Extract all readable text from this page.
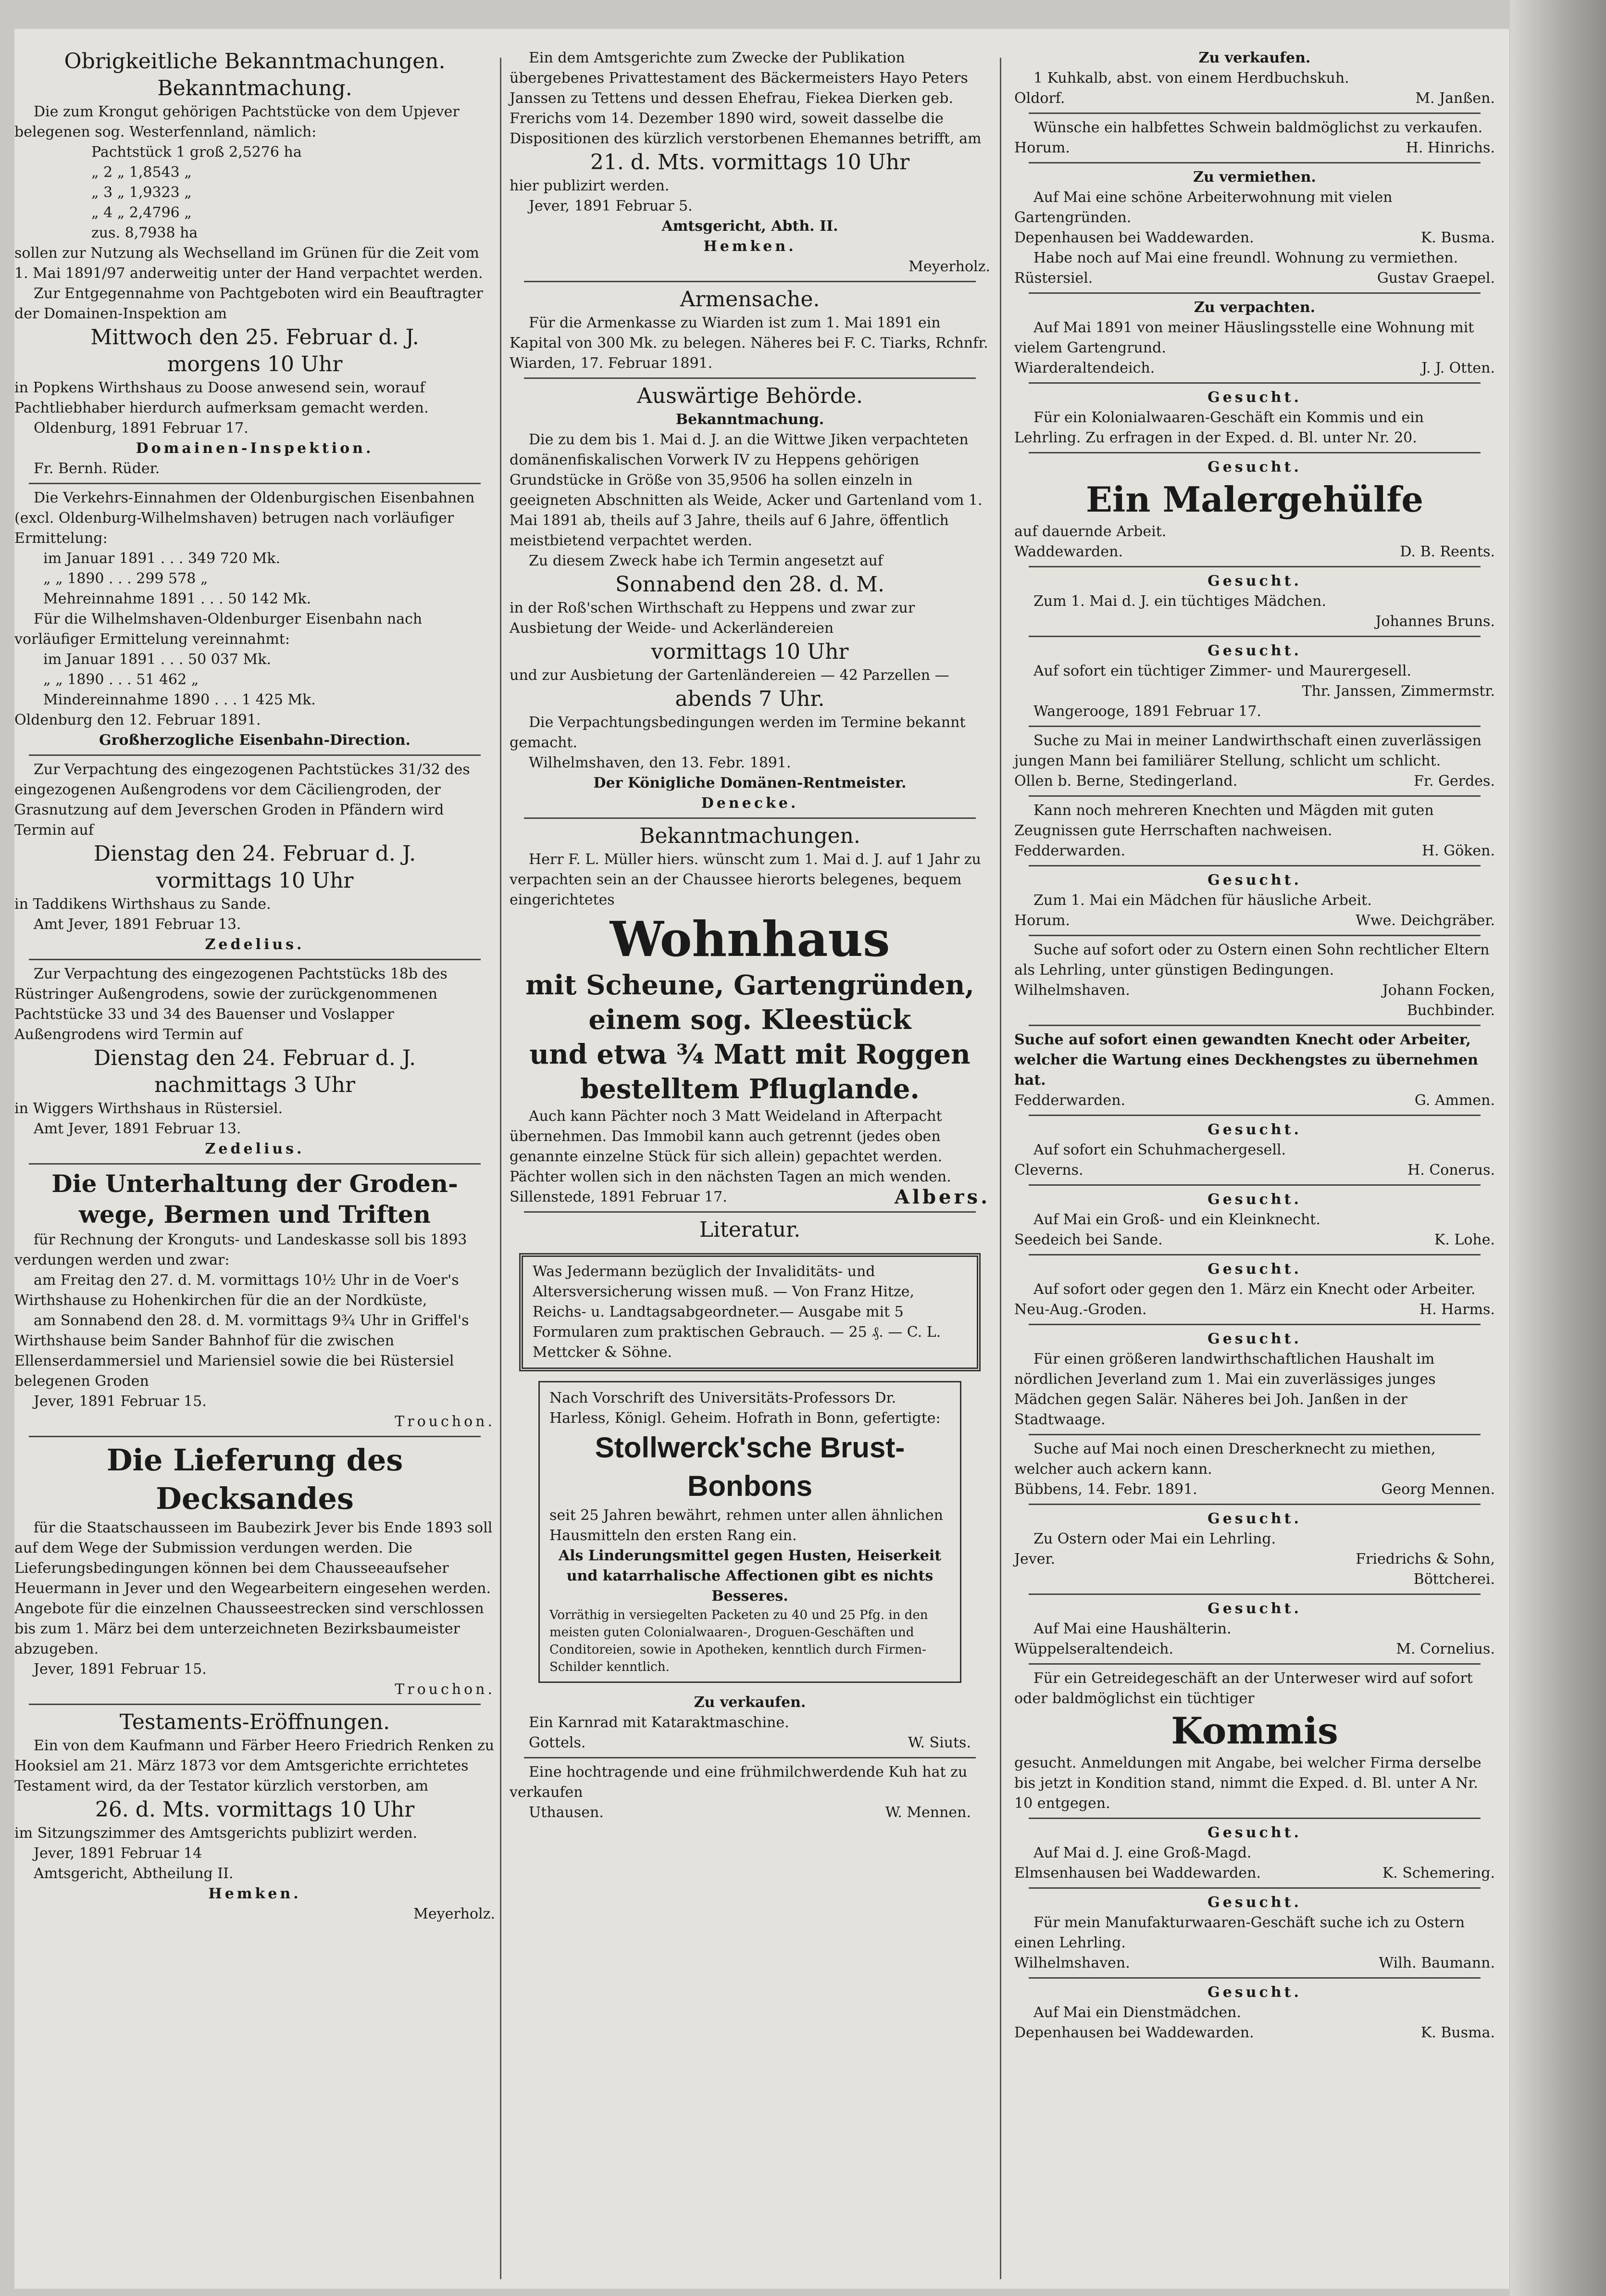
Obrigkeitliche Bekanntmachungen.

Bekanntmachung.

Die zum Krongut gehörigen Pachtstücke von dem Upjever belegenen sog. Westerfennland, nämlich:

Pachtstück 1 groß 2,5276 ha

„ 2 „ 1,8543 „

„ 3 „ 1,9323 „

„ 4 „ 2,4796 „

zus. 8,7938 ha

sollen zur Nutzung als Wechselland im Grünen für die Zeit vom 1. Mai 1891/97 anderweitig unter der Hand verpachtet werden.

Zur Entgegennahme von Pachtgeboten wird ein Beauftragter der Domainen-Inspektion am

Mittwoch den 25. Februar d. J.

morgens 10 Uhr

in Popkens Wirthshaus zu Doose anwesend sein, worauf Pachtliebhaber hierdurch aufmerksam gemacht werden.

Oldenburg, 1891 Februar 17.

Domainen-Inspektion.

Fr. Bernh. Rüder.

Die Verkehrs-Einnahmen der Oldenburgischen Eisenbahnen (excl. Oldenburg-Wilhelmshaven) betrugen nach vorläufiger Ermittelung:

im Januar 1891 . . . 349 720 Mk.

„ „ 1890 . . . 299 578 „

Mehreinnahme 1891 . . . 50 142 Mk.

Für die Wilhelmshaven-Oldenburger Eisenbahn nach vorläufiger Ermittelung vereinnahmt:

im Januar 1891 . . . 50 037 Mk.

„ „ 1890 . . . 51 462 „

Mindereinnahme 1890 . . . 1 425 Mk.

Oldenburg den 12. Februar 1891.

Großherzogliche Eisenbahn-Direction.

Zur Verpachtung des eingezogenen Pachtstückes 31/32 des eingezogenen Außengrodens vor dem Cäciliengroden, der Grasnutzung auf dem Jeverschen Groden in Pfändern wird Termin auf

Dienstag den 24. Februar d. J.

vormittags 10 Uhr

in Taddikens Wirthshaus zu Sande.

Amt Jever, 1891 Februar 13.

Zedelius.

Zur Verpachtung des eingezogenen Pachtstücks 18b des Rüstringer Außengrodens, sowie der zurückgenommenen Pachtstücke 33 und 34 des Bauenser und Voslapper Außengrodens wird Termin auf

Dienstag den 24. Februar d. J.

nachmittags 3 Uhr

in Wiggers Wirthshaus in Rüstersiel.

Amt Jever, 1891 Februar 13.

Zedelius.

Die Unterhaltung der Groden-wege, Bermen und Triften

für Rechnung der Kronguts- und Landeskasse soll bis 1893 verdungen werden und zwar:

am Freitag den 27. d. M. vormittags 10½ Uhr in de Voer's Wirthshause zu Hohenkirchen für die an der Nordküste,

am Sonnabend den 28. d. M. vormittags 9¾ Uhr in Griffel's Wirthshause beim Sander Bahnhof für die zwischen Ellenserdammersiel und Mariensiel sowie die bei Rüstersiel belegenen Groden

Jever, 1891 Februar 15.

Trouchon.

Die Lieferung des Decksandes

für die Staatschausseen im Baubezirk Jever bis Ende 1893 soll auf dem Wege der Submission verdungen werden. Die Lieferungsbedingungen können bei dem Chausseeaufseher Heuermann in Jever und den Wegearbeitern eingesehen werden. Angebote für die einzelnen Chausseestrecken sind verschlossen bis zum 1. März bei dem unterzeichneten Bezirksbaumeister abzugeben.

Jever, 1891 Februar 15.

Trouchon.

Testaments-Eröffnungen.

Ein von dem Kaufmann und Färber Heero Friedrich Renken zu Hooksiel am 21. März 1873 vor dem Amtsgerichte errichtetes Testament wird, da der Testator kürzlich verstorben, am

26. d. Mts. vormittags 10 Uhr

im Sitzungszimmer des Amtsgerichts publizirt werden.

Jever, 1891 Februar 14

Amtsgericht, Abtheilung II.

Hemken.

Meyerholz.

Ein dem Amtsgerichte zum Zwecke der Publikation übergebenes Privattestament des Bäckermeisters Hayo Peters Janssen zu Tettens und dessen Ehefrau, Fiekea Dierken geb. Frerichs vom 14. Dezember 1890 wird, soweit dasselbe die Dispositionen des kürzlich verstorbenen Ehemannes betrifft, am

21. d. Mts. vormittags 10 Uhr

hier publizirt werden.

Jever, 1891 Februar 5.

Amtsgericht, Abth. II.

Hemken.

Meyerholz.

Armensache.

Für die Armenkasse zu Wiarden ist zum 1. Mai 1891 ein Kapital von 300 Mk. zu belegen. Näheres bei F. C. Tiarks, Rchnfr.

Wiarden, 17. Februar 1891.

Auswärtige Behörde.

Bekanntmachung.

Die zu dem bis 1. Mai d. J. an die Wittwe Jiken verpachteten domänenfiskalischen Vorwerk IV zu Heppens gehörigen Grundstücke in Größe von 35,9506 ha sollen einzeln in geeigneten Abschnitten als Weide, Acker und Gartenland vom 1. Mai 1891 ab, theils auf 3 Jahre, theils auf 6 Jahre, öffentlich meistbietend verpachtet werden.

Zu diesem Zweck habe ich Termin angesetzt auf

Sonnabend den 28. d. M.

in der Roß'schen Wirthschaft zu Heppens und zwar zur Ausbietung der Weide- und Ackerländereien

vormittags 10 Uhr

und zur Ausbietung der Gartenländereien — 42 Parzellen —

abends 7 Uhr.

Die Verpachtungsbedingungen werden im Termine bekannt gemacht.

Wilhelmshaven, den 13. Febr. 1891.

Der Königliche Domänen-Rentmeister.

Denecke.

Bekanntmachungen.

Herr F. L. Müller hiers. wünscht zum 1. Mai d. J. auf 1 Jahr zu verpachten sein an der Chaussee hierorts belegenes, bequem eingerichtetes

Wohnhaus

mit Scheune, Gartengründen,

einem sog. Kleestück

und etwa ¾ Matt mit Roggen

bestelltem Pfluglande.

Auch kann Pächter noch 3 Matt Weideland in Afterpacht übernehmen. Das Immobil kann auch getrennt (jedes oben genannte einzelne Stück für sich allein) gepachtet werden. Pächter wollen sich in den nächsten Tagen an mich wenden.

Sillenstede, 1891 Februar 17.	Albers.

Literatur.

Was Jedermann bezüglich der Invaliditäts- und Altersversicherung wissen muß. — Von Franz Hitze, Reichs- u. Landtagsabgeordneter.— Ausgabe mit 5 Formularen zum praktischen Gebrauch. — 25 ₰. — C. L. Mettcker & Söhne.

Nach Vorschrift des Universitäts-Professors Dr. Harless, Königl. Geheim. Hofrath in Bonn, gefertigte:

Stollwerck'sche Brust-Bonbons

seit 25 Jahren bewährt, rehmen unter allen ähnlichen Hausmitteln den ersten Rang ein.

Als Linderungsmittel gegen Husten, Heiserkeit und katarrhalische Affectionen gibt es nichts Besseres.

Vorräthig in versiegelten Packeten zu 40 und 25 Pfg. in den meisten guten Colonialwaaren-, Droguen-Geschäften und Conditoreien, sowie in Apotheken, kenntlich durch Firmen-Schilder kenntlich.

Zu verkaufen.

Ein Karnrad mit Kataraktmaschine.

Gottels.	W. Siuts.

Eine hochtragende und eine frühmilchwerdende Kuh hat zu verkaufen

Uthausen.	W. Mennen.

Zu verkaufen.

1 Kuhkalb, abst. von einem Herdbuchskuh.

Oldorf.	M. Janßen.

Wünsche ein halbfettes Schwein baldmöglichst zu verkaufen.

Horum.	H. Hinrichs.

Zu vermiethen.

Auf Mai eine schöne Arbeiterwohnung mit vielen Gartengründen.

Depenhausen bei Waddewarden.	K. Busma.

Habe noch auf Mai eine freundl. Wohnung zu vermiethen.

Rüstersiel.	Gustav Graepel.

Zu verpachten.

Auf Mai 1891 von meiner Häuslingsstelle eine Wohnung mit vielem Gartengrund.

Wiarderaltendeich.	J. J. Otten.

Gesucht.

Für ein Kolonialwaaren-Geschäft ein Kommis und ein Lehrling. Zu erfragen in der Exped. d. Bl. unter Nr. 20.

Gesucht.

Ein Malergehülfe

auf dauernde Arbeit.

Waddewarden.	D. B. Reents.

Gesucht.

Zum 1. Mai d. J. ein tüchtiges Mädchen.

Johannes Bruns.

Gesucht.

Auf sofort ein tüchtiger Zimmer- und Maurergesell.

Thr. Janssen, Zimmermstr.

Wangerooge, 1891 Februar 17.

Suche zu Mai in meiner Landwirthschaft einen zuverlässigen jungen Mann bei familiärer Stellung, schlicht um schlicht.

Ollen b. Berne, Stedingerland.	Fr. Gerdes.

Kann noch mehreren Knechten und Mägden mit guten Zeugnissen gute Herrschaften nachweisen.

Fedderwarden.	H. Göken.

Gesucht.

Zum 1. Mai ein Mädchen für häusliche Arbeit.

Horum.	Wwe. Deichgräber.

Suche auf sofort oder zu Ostern einen Sohn rechtlicher Eltern als Lehrling, unter günstigen Bedingungen.

Wilhelmshaven.	Johann Focken,

Buchbinder.

Suche auf sofort einen gewandten Knecht oder Arbeiter, welcher die Wartung eines Deckhengstes zu übernehmen hat.

Fedderwarden.	G. Ammen.

Gesucht.

Auf sofort ein Schuhmachergesell.

Cleverns.	H. Conerus.

Gesucht.

Auf Mai ein Groß- und ein Kleinknecht.

Seedeich bei Sande.	K. Lohe.

Gesucht.

Auf sofort oder gegen den 1. März ein Knecht oder Arbeiter.

Neu-Aug.-Groden.	H. Harms.

Gesucht.

Für einen größeren landwirthschaftlichen Haushalt im nördlichen Jeverland zum 1. Mai ein zuverlässiges junges Mädchen gegen Salär. Näheres bei Joh. Janßen in der Stadtwaage.

Suche auf Mai noch einen Drescherknecht zu miethen, welcher auch ackern kann.

Bübbens, 14. Febr. 1891.	Georg Mennen.

Gesucht.

Zu Ostern oder Mai ein Lehrling.

Jever.	Friedrichs & Sohn,

Böttcherei.

Gesucht.

Auf Mai eine Haushälterin.

Wüppelseraltendeich.	M. Cornelius.

Für ein Getreidegeschäft an der Unterweser wird auf sofort oder baldmöglichst ein tüchtiger

Kommis

gesucht. Anmeldungen mit Angabe, bei welcher Firma derselbe bis jetzt in Kondition stand, nimmt die Exped. d. Bl. unter A Nr. 10 entgegen.

Gesucht.

Auf Mai d. J. eine Groß-Magd.

Elmsenhausen bei Waddewarden.	K. Schemering.

Gesucht.

Für mein Manufakturwaaren-Geschäft suche ich zu Ostern einen Lehrling.

Wilhelmshaven.	Wilh. Baumann.

Gesucht.

Auf Mai ein Dienstmädchen.

Depenhausen bei Waddewarden.	K. Busma.
